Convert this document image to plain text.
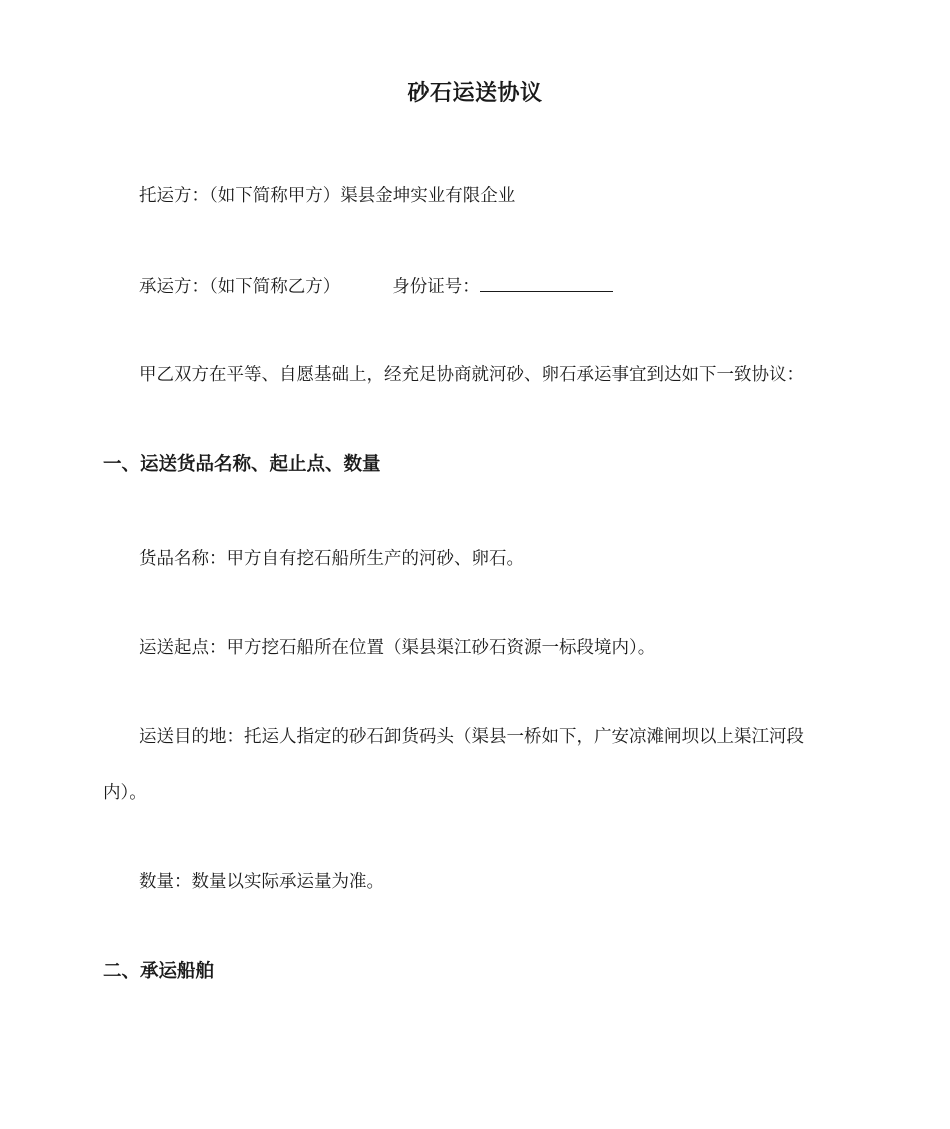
砂石运送协议
托运方：（如下简称甲方）渠县金坤实业有限企业
承运方：（如下简称乙方）	身份证号：
甲乙双方在平等、自愿基础上，经充足协商就河砂、卵石承运事宜到达如下一致协议：
一、运送货品名称、起止点、数量
货品名称：甲方自有挖石船所生产的河砂、卵石。
运送起点：甲方挖石船所在位置（渠县渠江砂石资源一标段境内）。
运送目的地：托运人指定的砂石卸货码头（渠县一桥如下，广安凉滩闸坝以上渠江河段
内）。
数量：数量以实际承运量为准。
二、承运船舶
